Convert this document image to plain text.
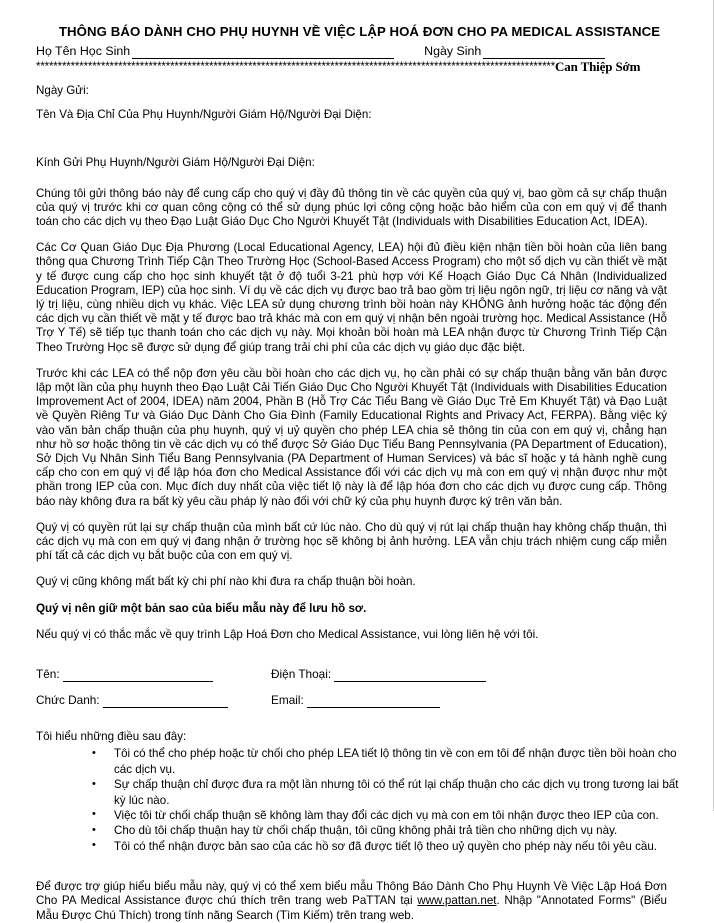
THÔNG BÁO DÀNH CHO PHỤ HUYNH VỀ VIỆC LẬP HOÁ ĐƠN CHO PA MEDICAL ASSISTANCE
Họ Tên Học Sinh	Ngày Sinh
************************************************************************************************************************Can Thiệp Sớm
Ngày Gửi:
Tên Và Địa Chỉ Của Phụ Huynh/Người Giám Hộ/Người Đại Diện:
Kính Gửi Phụ Huynh/Người Giám Hộ/Người Đại Diện:

Chúng tôi gửi thông báo này để cung cấp cho quý vị đầy đủ thông tin về các quyền của quý vị, bao gồm cả sự chấp thuận của quý vị trước khi cơ quan công cộng có thể sử dụng phúc lợi công cộng hoặc bảo hiểm của con em quý vị để thanh toán cho các dịch vụ theo Đạo Luật Giáo Dục Cho Người Khuyết Tật (Individuals with Disabilities Education Act, IDEA).

Các Cơ Quan Giáo Dục Địa Phương (Local Educational Agency, LEA) hội đủ điều kiện nhận tiền bồi hoàn của liên bang thông qua Chương Trình Tiếp Cận Theo Trường Học (School-Based Access Program) cho một số dịch vụ cần thiết về mặt y tế được cung cấp cho học sinh khuyết tật ở độ tuổi 3-21 phù hợp với Kế Hoạch Giáo Dục Cá Nhân (Individualized Education Program, IEP) của học sinh. Ví dụ về các dịch vụ được bao trả bao gồm trị liệu ngôn ngữ, trị liệu cơ năng và vật lý trị liệu, cùng nhiều dịch vụ khác. Việc LEA sử dụng chương trình bồi hoàn này KHÔNG ảnh hưởng hoặc tác động đến các dịch vụ cần thiết về mặt y tế được bao trả khác mà con em quý vị nhận bên ngoài trường học. Medical Assistance (Hỗ Trợ Y Tế) sẽ tiếp tục thanh toán cho các dịch vụ này. Mọi khoản bồi hoàn mà LEA nhận được từ Chương Trình Tiếp Cận Theo Trường Học sẽ được sử dụng để giúp trang trải chi phí của các dịch vụ giáo dục đặc biệt.

Trước khi các LEA có thể nộp đơn yêu cầu bồi hoàn cho các dịch vụ, họ cần phải có sự chấp thuận bằng văn bản được lập một lần của phụ huynh theo Đạo Luật Cải Tiến Giáo Dục Cho Người Khuyết Tật (Individuals with Disabilities Education Improvement Act of 2004, IDEA) năm 2004, Phần B (Hỗ Trợ Các Tiểu Bang về Giáo Dục Trẻ Em Khuyết Tật) và Đạo Luật về Quyền Riêng Tư và Giáo Dục Dành Cho Gia Đình (Family Educational Rights and Privacy Act, FERPA). Bằng việc ký vào văn bản chấp thuận của phụ huynh, quý vị uỷ quyền cho phép LEA chia sẻ thông tin của con em quý vị, chẳng hạn như hồ sơ hoặc thông tin về các dịch vụ có thể được Sở Giáo Dục Tiểu Bang Pennsylvania (PA Department of Education), Sở Dịch Vụ Nhân Sinh Tiểu Bang Pennsylvania (PA Department of Human Services) và bác sĩ hoặc y tá hành nghề cung cấp cho con em quý vị để lập hóa đơn cho Medical Assistance đối với các dịch vụ mà con em quý vị nhận được như một phần trong IEP của con. Mục đích duy nhất của việc tiết lộ này là để lập hóa đơn cho các dịch vụ được cung cấp. Thông báo này không đưa ra bất kỳ yêu cầu pháp lý nào đối với chữ ký của phụ huynh được ký trên văn bản.

Quý vị có quyền rút lại sự chấp thuận của mình bất cứ lúc nào. Cho dù quý vị rút lại chấp thuận hay không chấp thuận, thì các dịch vụ mà con em quý vị đang nhận ở trường học sẽ không bị ảnh hưởng. LEA vẫn chịu trách nhiệm cung cấp miễn phí tất cả các dịch vụ bắt buộc của con em quý vị.

Quý vị cũng không mất bất kỳ chi phí nào khi đưa ra chấp thuận bồi hoàn.

Quý vị nên giữ một bản sao của biểu mẫu này để lưu hồ sơ.

Nếu quý vị có thắc mắc về quy trình Lập Hoá Đơn cho Medical Assistance, vui lòng liên hệ với tôi.

Tên:	Điện Thoại:
Chức Danh:	Email:
Tôi hiểu những điều sau đây:
• Tôi có thể cho phép hoặc từ chối cho phép LEA tiết lộ thông tin về con em tôi để nhận được tiền bồi hoàn cho các dịch vụ.
• Sự chấp thuận chỉ được đưa ra một lần nhưng tôi có thể rút lại chấp thuận cho các dịch vụ trong tương lai bất kỳ lúc nào.
• Việc tôi từ chối chấp thuận sẽ không làm thay đổi các dịch vụ mà con em tôi nhận được theo IEP của con.
• Cho dù tôi chấp thuận hay từ chối chấp thuận, tôi cũng không phải trả tiền cho những dịch vụ này.
• Tôi có thể nhận được bản sao của các hồ sơ đã được tiết lộ theo uỷ quyền cho phép này nếu tôi yêu cầu.

Để được trợ giúp hiểu biểu mẫu này, quý vị có thể xem biểu mẫu Thông Báo Dành Cho Phụ Huynh Về Việc Lập Hoá Đơn Cho PA Medical Assistance được chú thích trên trang web PaTTAN tại www.pattan.net. Nhập "Annotated Forms" (Biểu Mẫu Được Chú Thích) trong tính năng Search (Tìm Kiếm) trên trang web.
